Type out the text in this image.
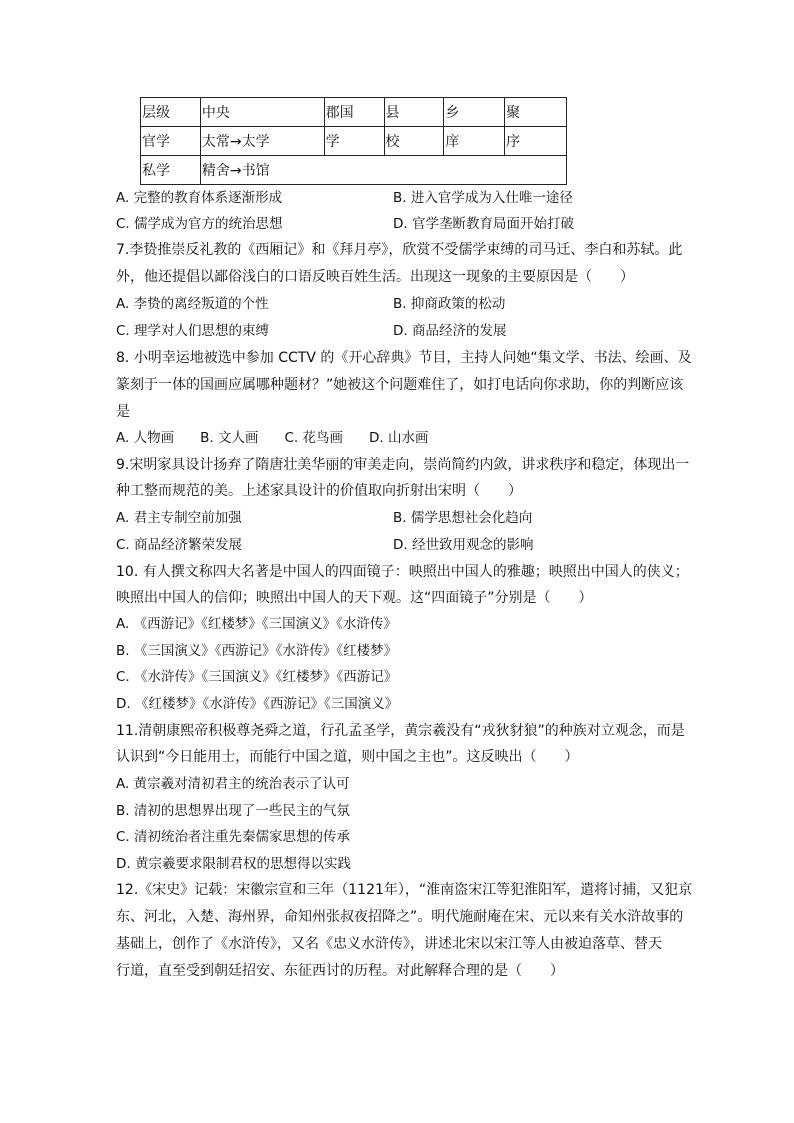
层级	中央	郡国	县	乡	聚
官学	太常→太学	学	校	庠	序
私学	精舍→书馆				
A. 完整的教育体系逐渐形成	B. 进入官学成为入仕唯一途径
C. 儒学成为官方的统治思想	D. 官学垄断教育局面开始打破
7.李贽推崇反礼教的《西厢记》和《拜月亭》，欣赏不受儒学束缚的司马迁、李白和苏轼。此
外，他还提倡以鄙俗浅白的口语反映百姓生活。出现这一现象的主要原因是（　　）
A. 李贽的离经叛道的个性	B. 抑商政策的松动
C. 理学对人们思想的束缚	D. 商品经济的发展
8. 小明幸运地被选中参加 CCTV 的《开心辞典》节目，主持人问她“集文学、书法、绘画、及
篆刻于一体的国画应属哪种题材？”她被这个问题难住了，如打电话向你求助，你的判断应该
是
A. 人物画 B. 文人画 C. 花鸟画 D. 山水画
9.宋明家具设计扬弃了隋唐壮美华丽的审美走向，崇尚简约内敛，讲求秩序和稳定，体现出一
种工整而规范的美。上述家具设计的价值取向折射出宋明（　　）
A. 君主专制空前加强	B. 儒学思想社会化趋向
C. 商品经济繁荣发展	D. 经世致用观念的影响
10. 有人撰文称四大名著是中国人的四面镜子：映照出中国人的雅趣；映照出中国人的侠义；
映照出中国人的信仰；映照出中国人的天下观。这“四面镜子”分别是（　　）
A. 《西游记》《红楼梦》《三国演义》《水浒传》
B. 《三国演义》《西游记》《水浒传》《红楼梦》
C. 《水浒传》《三国演义》《红楼梦》《西游记》
D. 《红楼梦》《水浒传》《西游记》《三国演义》
11.清朝康熙帝积极尊尧舜之道，行孔孟圣学，黄宗羲没有“戎狄豺狼”的种族对立观念，而是
认识到“今日能用士，而能行中国之道，则中国之主也”。这反映出（　　）
A. 黄宗羲对清初君主的统治表示了认可
B. 清初的思想界出现了一些民主的气氛
C. 清初统治者注重先秦儒家思想的传承
D. 黄宗羲要求限制君权的思想得以实践
12.《宋史》记载：宋徽宗宣和三年（1121年），“淮南盗宋江等犯淮阳军，遣将讨捕，又犯京
东、河北，入楚、海州界，命知州张叔夜招降之”。明代施耐庵在宋、元以来有关水浒故事的
基础上，创作了《水浒传》，又名《忠义水浒传》，讲述北宋以宋江等人由被迫落草、替天
行道，直至受到朝廷招安、东征西讨的历程。对此解释合理的是（　　）
